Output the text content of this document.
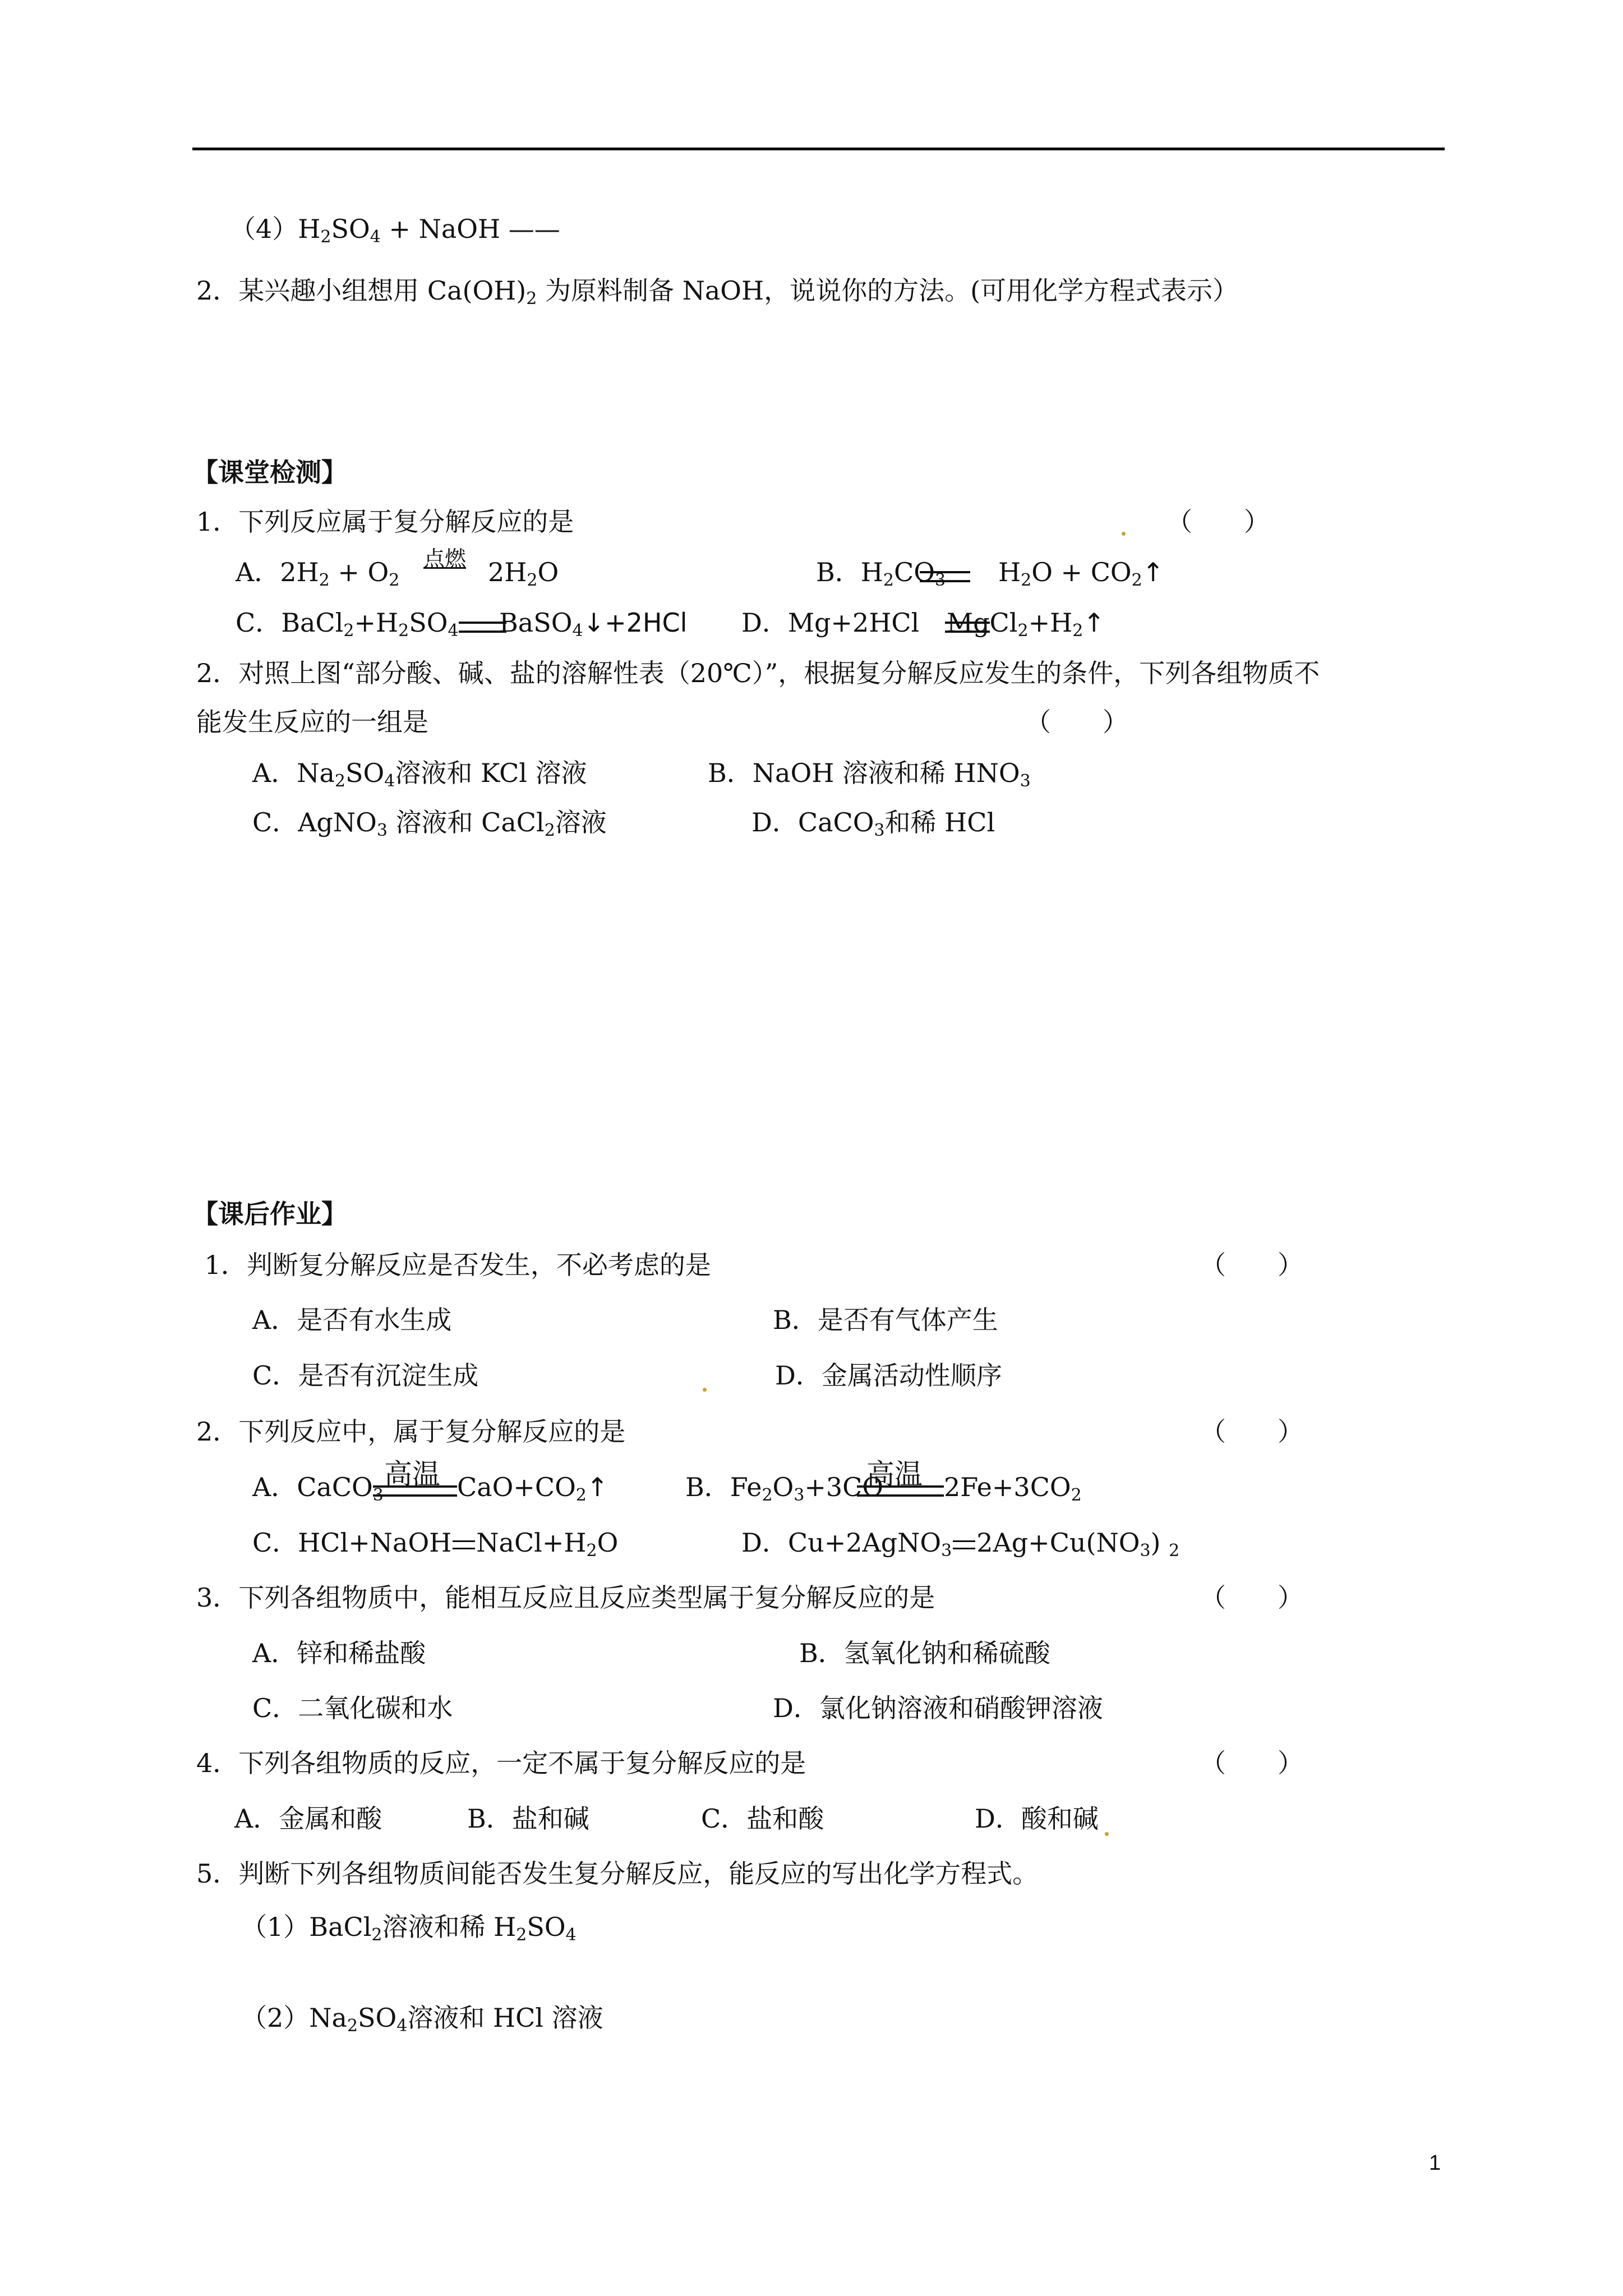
$(4)H_2SO_4$ + NaOH ——
2．某兴趣小组想用 $Ca(OH)_2$ 为原料制备 NaOH，说说你的方法。(可用化学方程式表示）
【课堂检测】
1．下列反应属于复分解反应的是	（　　）
A．$2H_2 + O_2$
点燃 $2H_2O$	B．$H_2CO_3$ $H_2O$ + $CO_2↑$
C．$BaCl_2+H_2SO_4$ BaSO$_4$↓+2HCl D．Mg+2HCl $MgCl_2+H_2↑$
2．对照上图“部分酸、碱、盐的溶解性表（20℃）”，根据复分解反应发生的条件，下列各组物质不
能发生反应的一组是	（　　）
A．$Na_2SO_4$溶液和 KCl 溶液	B．NaOH 溶液和稀 $HNO_3$
C．AgNO$_3$ 溶液和 CaCl$_2$溶液	D．CaCO$_3$和稀 HCl
【课后作业】
1．判断复分解反应是否发生，不必考虑的是	（　　）
A．是否有水生成	B．是否有气体产生
C．是否有沉淀生成	D．金属活动性顺序
2．下列反应中，属于复分解反应的是	（　　）
A．CaCO$_3$
高温 $CaO+CO_2↑$	B．$Fe_2O_3+3CO$
高温 $2Fe+3CO_2$
C．HCl+NaOH $NaCl+H_2O$	D．Cu+2AgNO$_3$ $2Ag+Cu(NO_3)$ $_2$
3．下列各组物质中，能相互反应且反应类型属于复分解反应的是	（　　）
A．锌和稀盐酸	B．氢氧化钠和稀硫酸
C．二氧化碳和水	D．氯化钠溶液和硝酸钾溶液
4．下列各组物质的反应，一定不属于复分解反应的是	（　　）
A．金属和酸	B．盐和碱	C．盐和酸	D．酸和碱
5．判断下列各组物质间能否发生复分解反应，能反应的写出化学方程式。
（1）BaCl$_2$溶液和稀 $H_2SO_4$
$(2)Na_2SO_4$溶液和 HCl 溶液
1
